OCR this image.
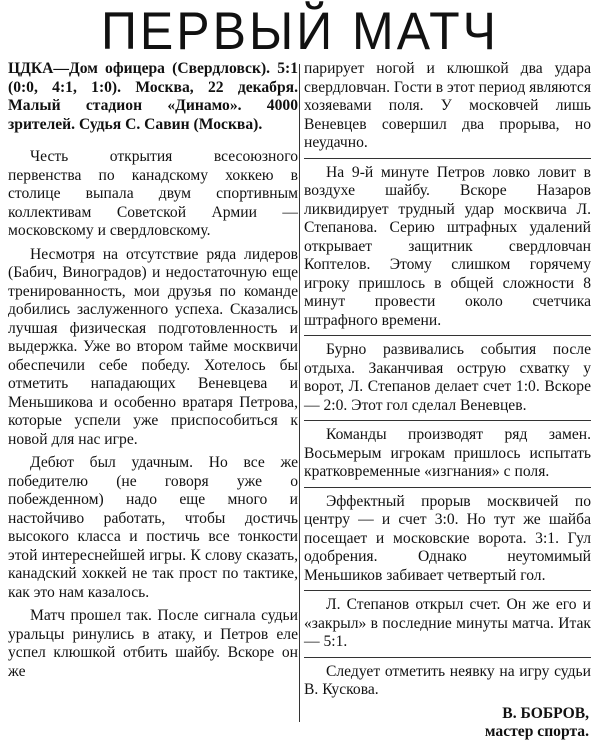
ПЕРВЫЙ МАТЧ

ЦДКА—Дом офицера (Свердловск). 5:1 (0:0, 4:1, 1:0). Москва, 22 декабря. Малый стадион «Динамо». 4000 зрителей. Судья С. Савин (Москва).

Честь открытия всесоюзного первенства по канадскому хоккею в столице выпала двум спортивным коллективам Советской Армии — московскому и свердловскому.

Несмотря на отсутствие ряда лидеров (Бабич, Виноградов) и недостаточную еще тренированность, мои друзья по команде добились заслуженного успеха. Сказались лучшая физическая подготовленность и выдержка. Уже во втором тайме москвичи обеспечили себе победу. Хотелось бы отметить нападающих Веневцева и Меньшикова и особенно вратаря Петрова, которые успели уже приспособиться к новой для нас игре.

Дебют был удачным. Но все же победителю (не говоря уже о побежденном) надо еще много и настойчиво работать, чтобы достичь высокого класса и постичь все тонкости этой интереснейшей игры. К слову сказать, канадский хоккей не так прост по тактике, как это нам казалось.

Матч прошел так. После сигнала судьи уральцы ринулись в атаку, и Петров еле успел клюшкой отбить шайбу. Вскоре он же

парирует ногой и клюшкой два удара свердловчан. Гости в этот период являются хозяевами поля. У московчей лишь Веневцев совершил два прорыва, но неудачно.

На 9-й минуте Петров ловко ловит в воздухе шайбу. Вскоре Назаров ликвидирует трудный удар москвича Л. Степанова. Серию штрафных удалений открывает защитник свердловчан Коптелов. Этому слишком горячему игроку пришлось в общей сложности 8 минут провести около счетчика штрафного времени.

Бурно развивались события после отдыха. Заканчивая острую схватку у ворот, Л. Степанов делает счет 1:0. Вскоре — 2:0. Этот гол сделал Веневцев.

Команды производят ряд замен. Восьмерым игрокам пришлось испытать кратковременные «изгнания» с поля.

Эффектный прорыв москвичей по центру — и счет 3:0. Но тут же шайба посещает и московские ворота. 3:1. Гул одобрения. Однако неутомимый Меньшиков забивает четвертый гол.

Л. Степанов открыл счет. Он же его и «закрыл» в последние минуты матча. Итак — 5:1.

Следует отметить неявку на игру судьи В. Кускова.

В. БОБРОВ,
мастер спорта.
